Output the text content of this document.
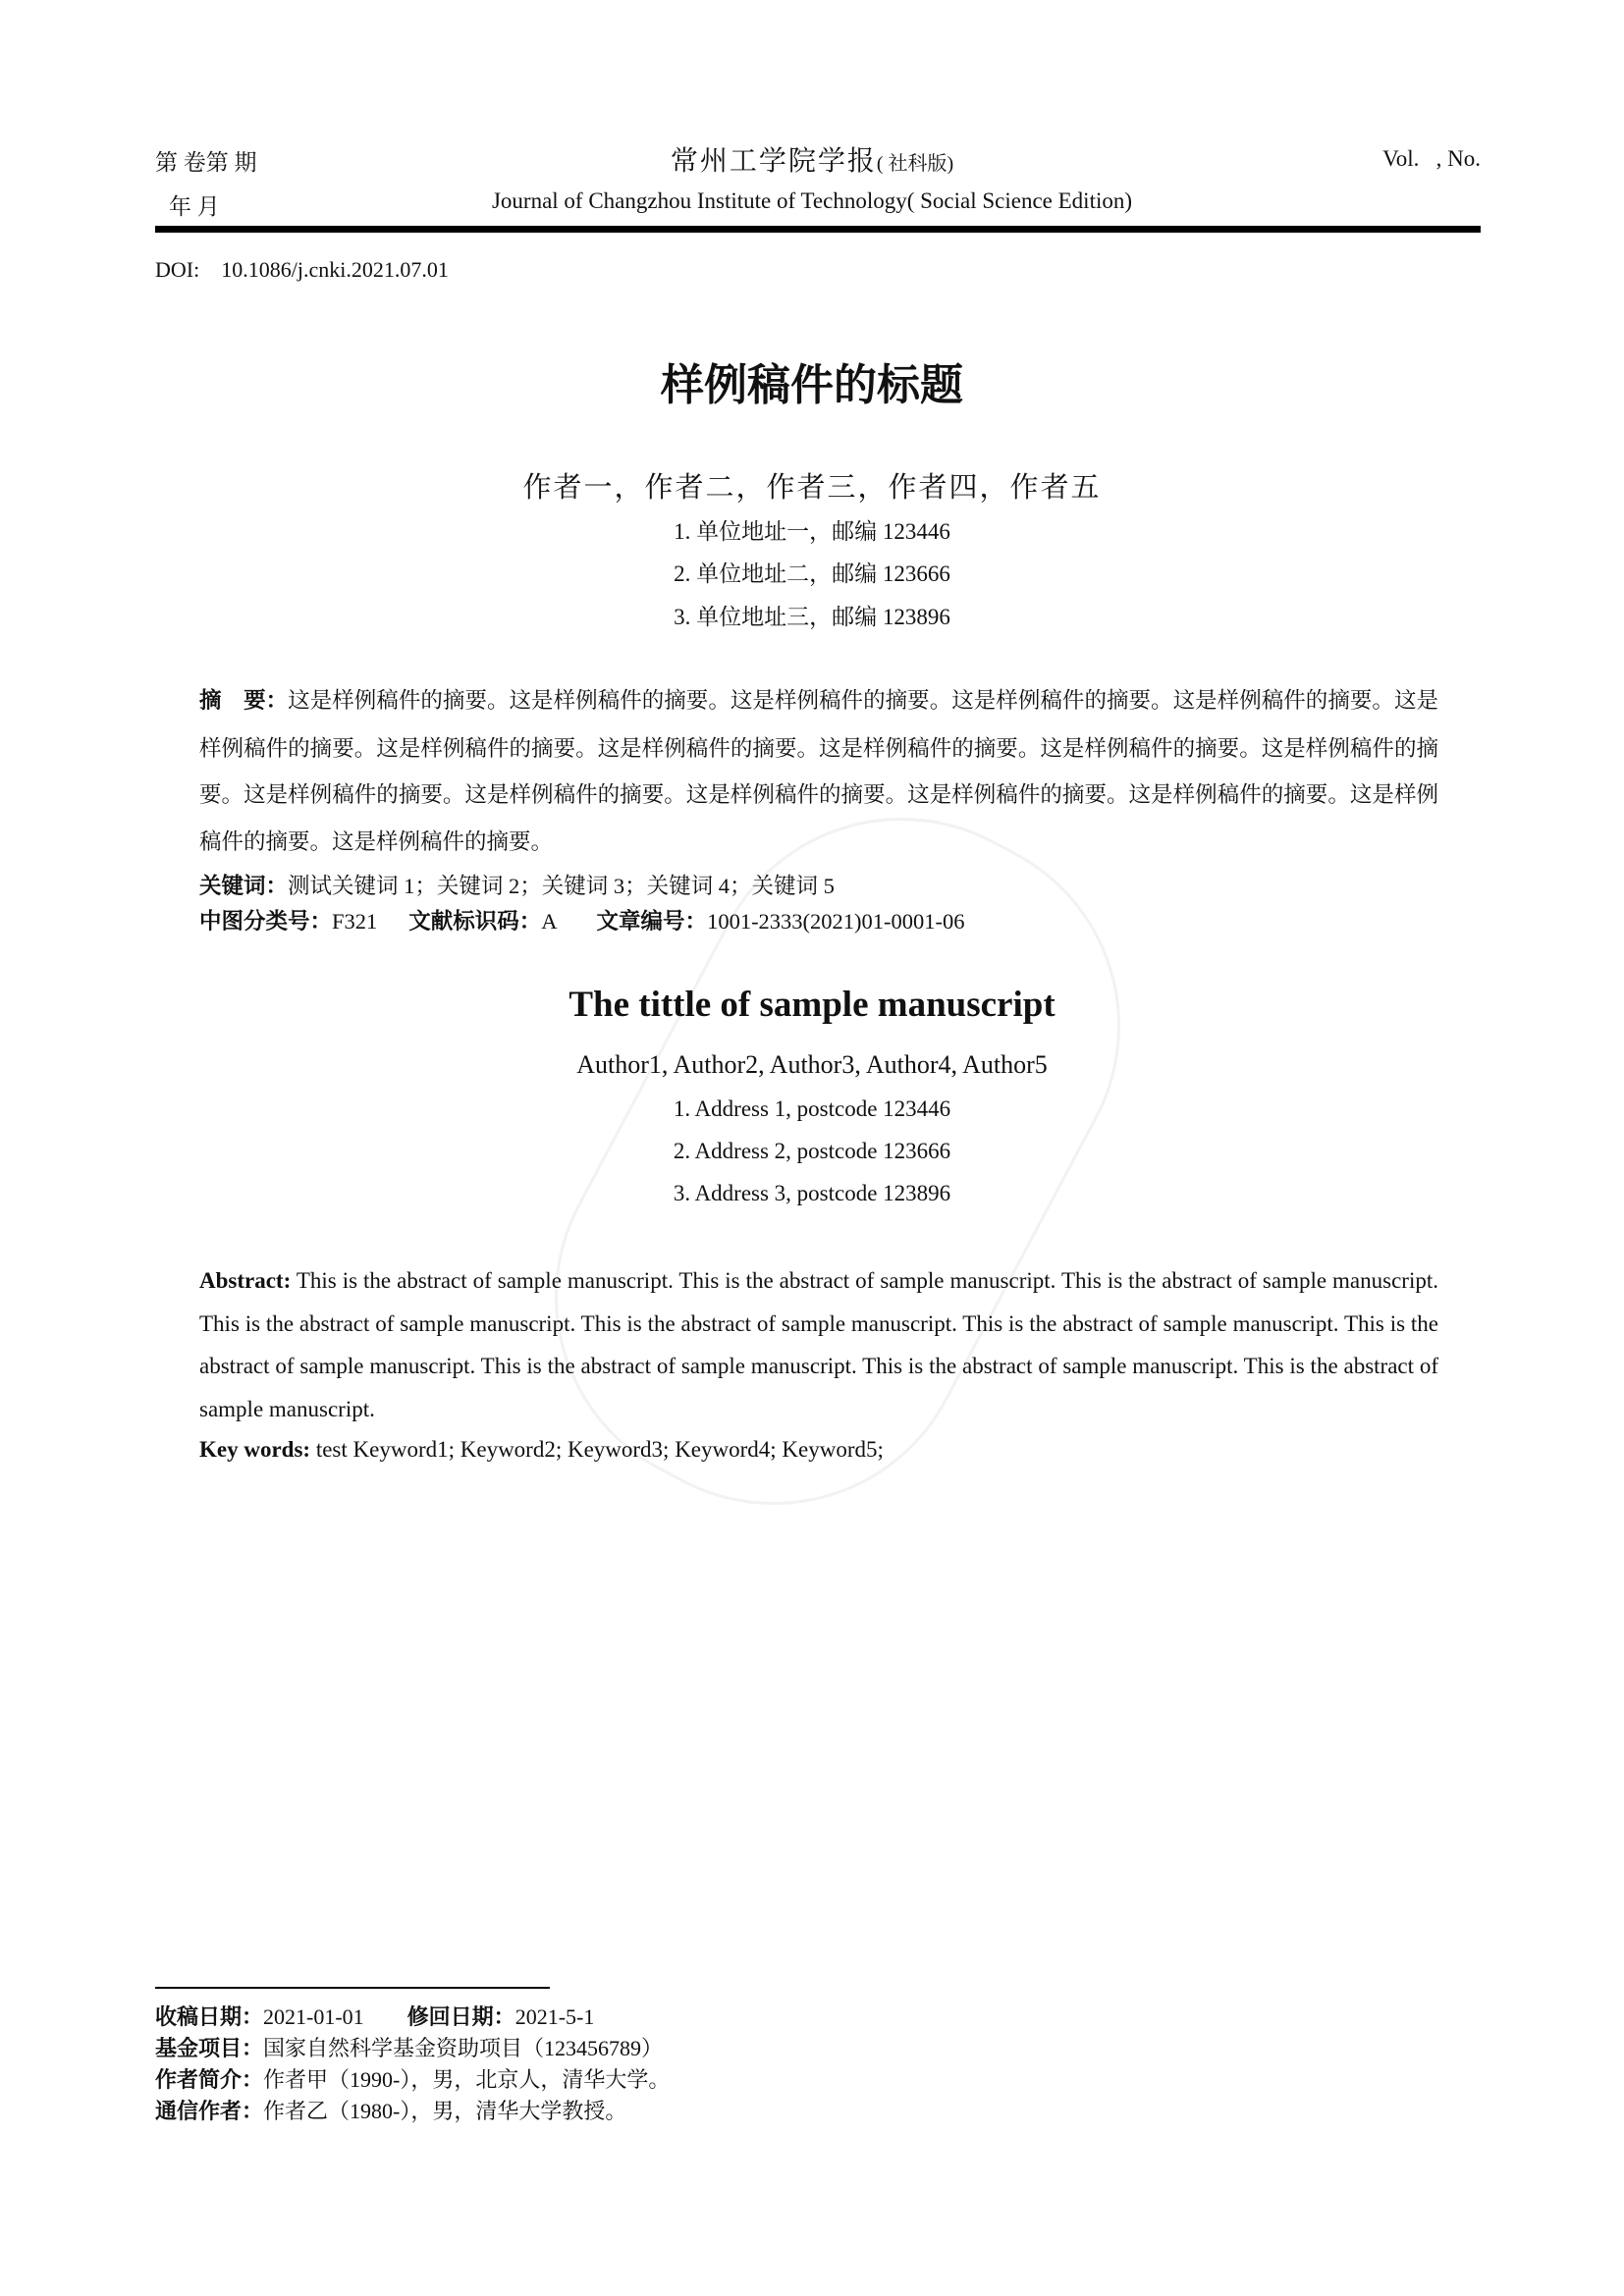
第 卷第 期
年 月
常州工学院学报( 社科版)
Journal of Changzhou Institute of Technology( Social Science Edition)
Vol.   , No.
DOI: 10.1086/j.cnki.2021.07.01
样例稿件的标题
作者一，作者二，作者三，作者四，作者五
1. 单位地址一，邮编 123446
2. 单位地址二，邮编 123666
3. 单位地址三，邮编 123896
摘　要：这是样例稿件的摘要。这是样例稿件的摘要。这是样例稿件的摘要。这是样例稿件的摘要。这是样例稿件的摘要。这是样例稿件的摘要。这是样例稿件的摘要。这是样例稿件的摘要。这是样例稿件的摘要。这是样例稿件的摘要。这是样例稿件的摘要。这是样例稿件的摘要。这是样例稿件的摘要。这是样例稿件的摘要。这是样例稿件的摘要。这是样例稿件的摘要。这是样例稿件的摘要。这是样例稿件的摘要。
关键词：测试关键词 1；关键词 2；关键词 3；关键词 4；关键词 5
中图分类号：F321 文献标识码：A 文章编号：1001-2333(2021)01-0001-06
The tittle of sample manuscript
Author1, Author2, Author3, Author4, Author5
1. Address 1, postcode 123446
2. Address 2, postcode 123666
3. Address 3, postcode 123896
Abstract: This is the abstract of sample manuscript. This is the abstract of sample manuscript. This is the abstract of sample manuscript. This is the abstract of sample manuscript. This is the abstract of sample manuscript. This is the abstract of sample manuscript. This is the abstract of sample manuscript. This is the abstract of sample manuscript. This is the abstract of sample manuscript. This is the abstract of sample manuscript.
Key words: test Keyword1; Keyword2; Keyword3; Keyword4; Keyword5;
收稿日期：2021-01-01 修回日期：2021-5-1
基金项目：国家自然科学基金资助项目（123456789）
作者简介：作者甲（1990-），男，北京人，清华大学。
通信作者：作者乙（1980-），男，清华大学教授。
